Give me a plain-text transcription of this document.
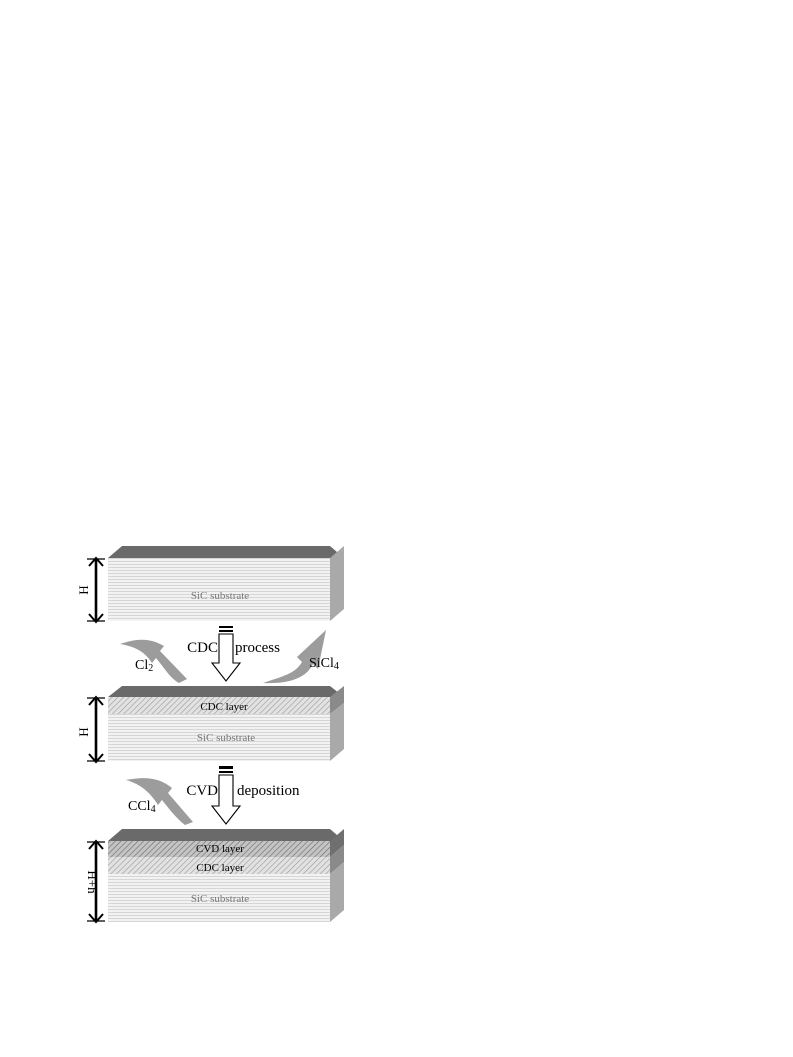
SiC substrate
H
CDC process
Cl2	SiCl4
CDC layer
SiC substrate
H
CVD deposition
CCl4
CVD layer
CDC layer
SiC substrate
H+h
